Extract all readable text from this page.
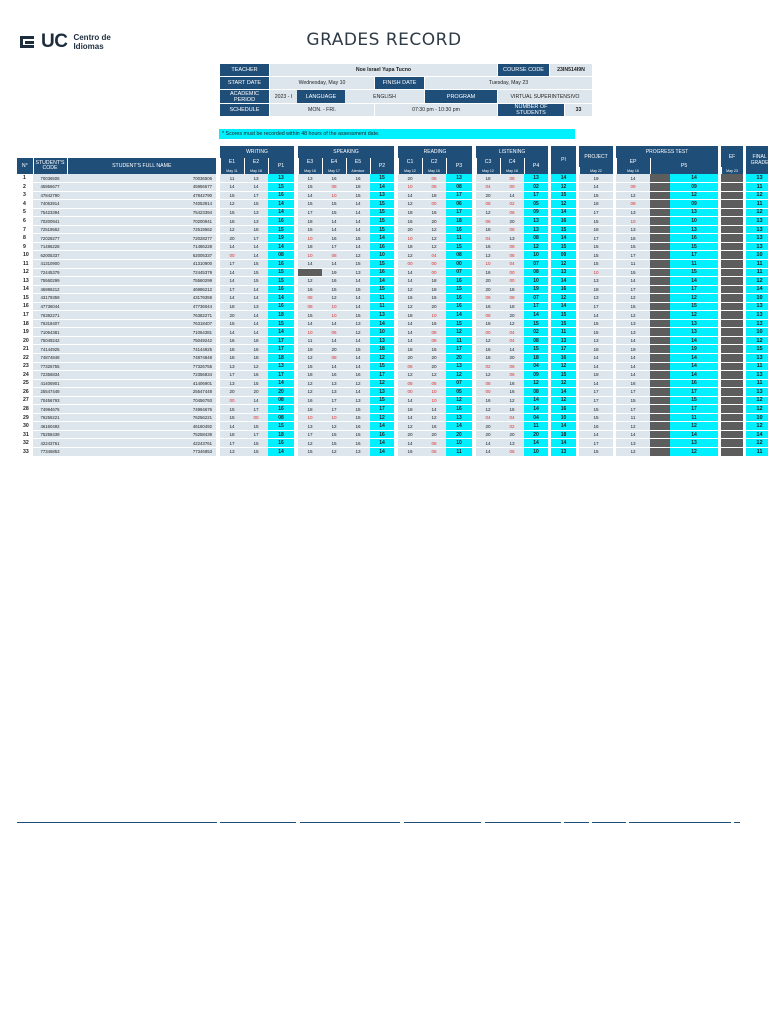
UC Centro de
Idiomas	GRADES RECORD
TEACHER	Noe Israel Yupa Tucno			COURSE CODE	23IN514I9N	
START DATE	Wednesday, May 10	FINISH DATE	Tuesday, May 23			
ACADEMIC PERIOD	2023 - I LANGUAGE ENGLISH		PROGRAM	VIRTUAL SUPERINTENSIVO		
SCHEDULE	MON. - FRI.	07:30 pm - 10:30 pm		NUMBER OF STUDENTS		33
* Scores must be recorded within 48 hours of the assessment date.
				WRITING				SPEAKING					READING				LISTENING				PI		PROJECT		PROGRESS TEST				EF		FINAL GRADE
N°	STUDENT'S CODE	STUDENT'S FULL NAME		E1	E2	P1		E3	E4	E5	P2		C1	C2	P3		C3	C4	P4						EP	P5					
				May 11	May 18			May 16	May 17	Alentcor			May 12	May 16			May 12	May 18					May 22		May 16				May 23		
1	70036506	70036506		11	13	13		13	16	16	15		20	06	13		18	08	13		14		19		14		14				13
2	45956677	45956677		14	14	15		15	08	18	14		10	06	08		04	00	02		12		14		09		09				11
3	47842790	47842790		15	17	16		14	10	15	13		14	18	17		20	14	17		15		15		12		12				12
4	74053914	74053914		12	15	14		15	15	14	15		12	00	06		08	02	05		12		18		09		09				11
5	75423394	75423394		15	13	14		17	15	14	15		18	16	17		12	06	09		14		17		13		13				12
6	70200941	70200941		18	13	16		18	14	14	15		16	20	18		06	20	13		16		15		10		10				13
7	72519562	72519562		12	18	15		15	14	14	15		20	12	16		18	08	13		15		18		13		13				13
8	72028277	72028277		20	17	19		10	16	15	14		10	12	11		04	13	08		14		17		16		16				13
9	71486228	71486228		14	14	14		18	17	14	16		18	12	15		16	08	12		15		15		15		15				13
10	62005337	62005337		00	14	08		10	08	12	10		12	04	08		12	08	10		09		15		17		17				10
11	41310900	41310900		17	15	16		14	14	15	15		00	00	00		10	04	07		12		15		11		11				11
12	72445379	72445379		14	15	15			19	13	16		14	00	07		16	00	08		13		10		15		15				11
13	75560299	75560299		14	15	15		12	16	14	14		14	18	16		20	00	10		14		13		14		14				12
14	46986212	46986212		17	14	16		16	15	15	15		12	18	15		20	18	19		16		18		17		17				14
15	43179359	43179359		14	14	14		08	12	14	11		16	16	16		06	08	07		12		13		12		12				10
16	47736044	47736044		18	13	16		08	10	14	11		12	20	16		16	18	17		14		17		15		15				13
17	76382271	76382271		20	14	18		15	10	15	13		18	10	14		08	20	14		15		14		12		12				13
18	76318407	76318407		15	14	15		14	14	13	14		14	16	15		18	12	15		15		15		13		13				13
19	71064381	71064381		14	14	14		10	06	12	10		14	08	12		00	04	02		11		15		13		13				10
20	75049242	75049242		16	18	17		11	14	14	13		14	08	11		12	04	08		13		13		14		14				12
21	74144925	74144925		18	16	17		19	20	15	18		18	16	17		16	14	15		17		18		19		19				15
22	74874848	74874848		18	18	18		12	08	14	12		20	20	20		16	20	18		16		14		14		14				13
23	77326755	77326755		13	12	13		15	14	14	15		06	20	13		02	06	04		12		14		14		14				11
24	72356834	72356834		17	16	17		18	16	16	17		12	12	12		12	06	09		15		18		14		14				13
25	41406901	41406901		13	15	14		12	13	12	12		08	06	07		08	16	12		12		14		16		16				11
26	25547448	25547448		20	20	20		12	13	14	13		00	10	05		00	16	08		14		17		17		17				13
27	70456793	70456793		00	14	08		16	17	13	15		14	10	12		16	12	14		12		17		15		15				12
28	74994676	74994676		15	17	16		18	17	15	17		18	14	16		12	16	14		16		15		17		17				12
29	76256221	76256221		15	00	08		10	10	15	12		14	12	13		04	04	04		10		15		11		11				10
30	46160492	46160492		14	15	15		13	12	16	14		12	16	14		20	02	11		14		16		12		12				12
31	75258439	75258439		18	17	18		17	15	15	16		20	20	20		20	20	20		18		14		14		14				14
32	42243761	42243761		17	15	16		12	15	16	14		14	06	10		14	13	14		14		17		13		13				12
33	77346853	77346853		13	15	14		15	12	13	14		16	06	11		14	06	10		13		15		12		12				11
